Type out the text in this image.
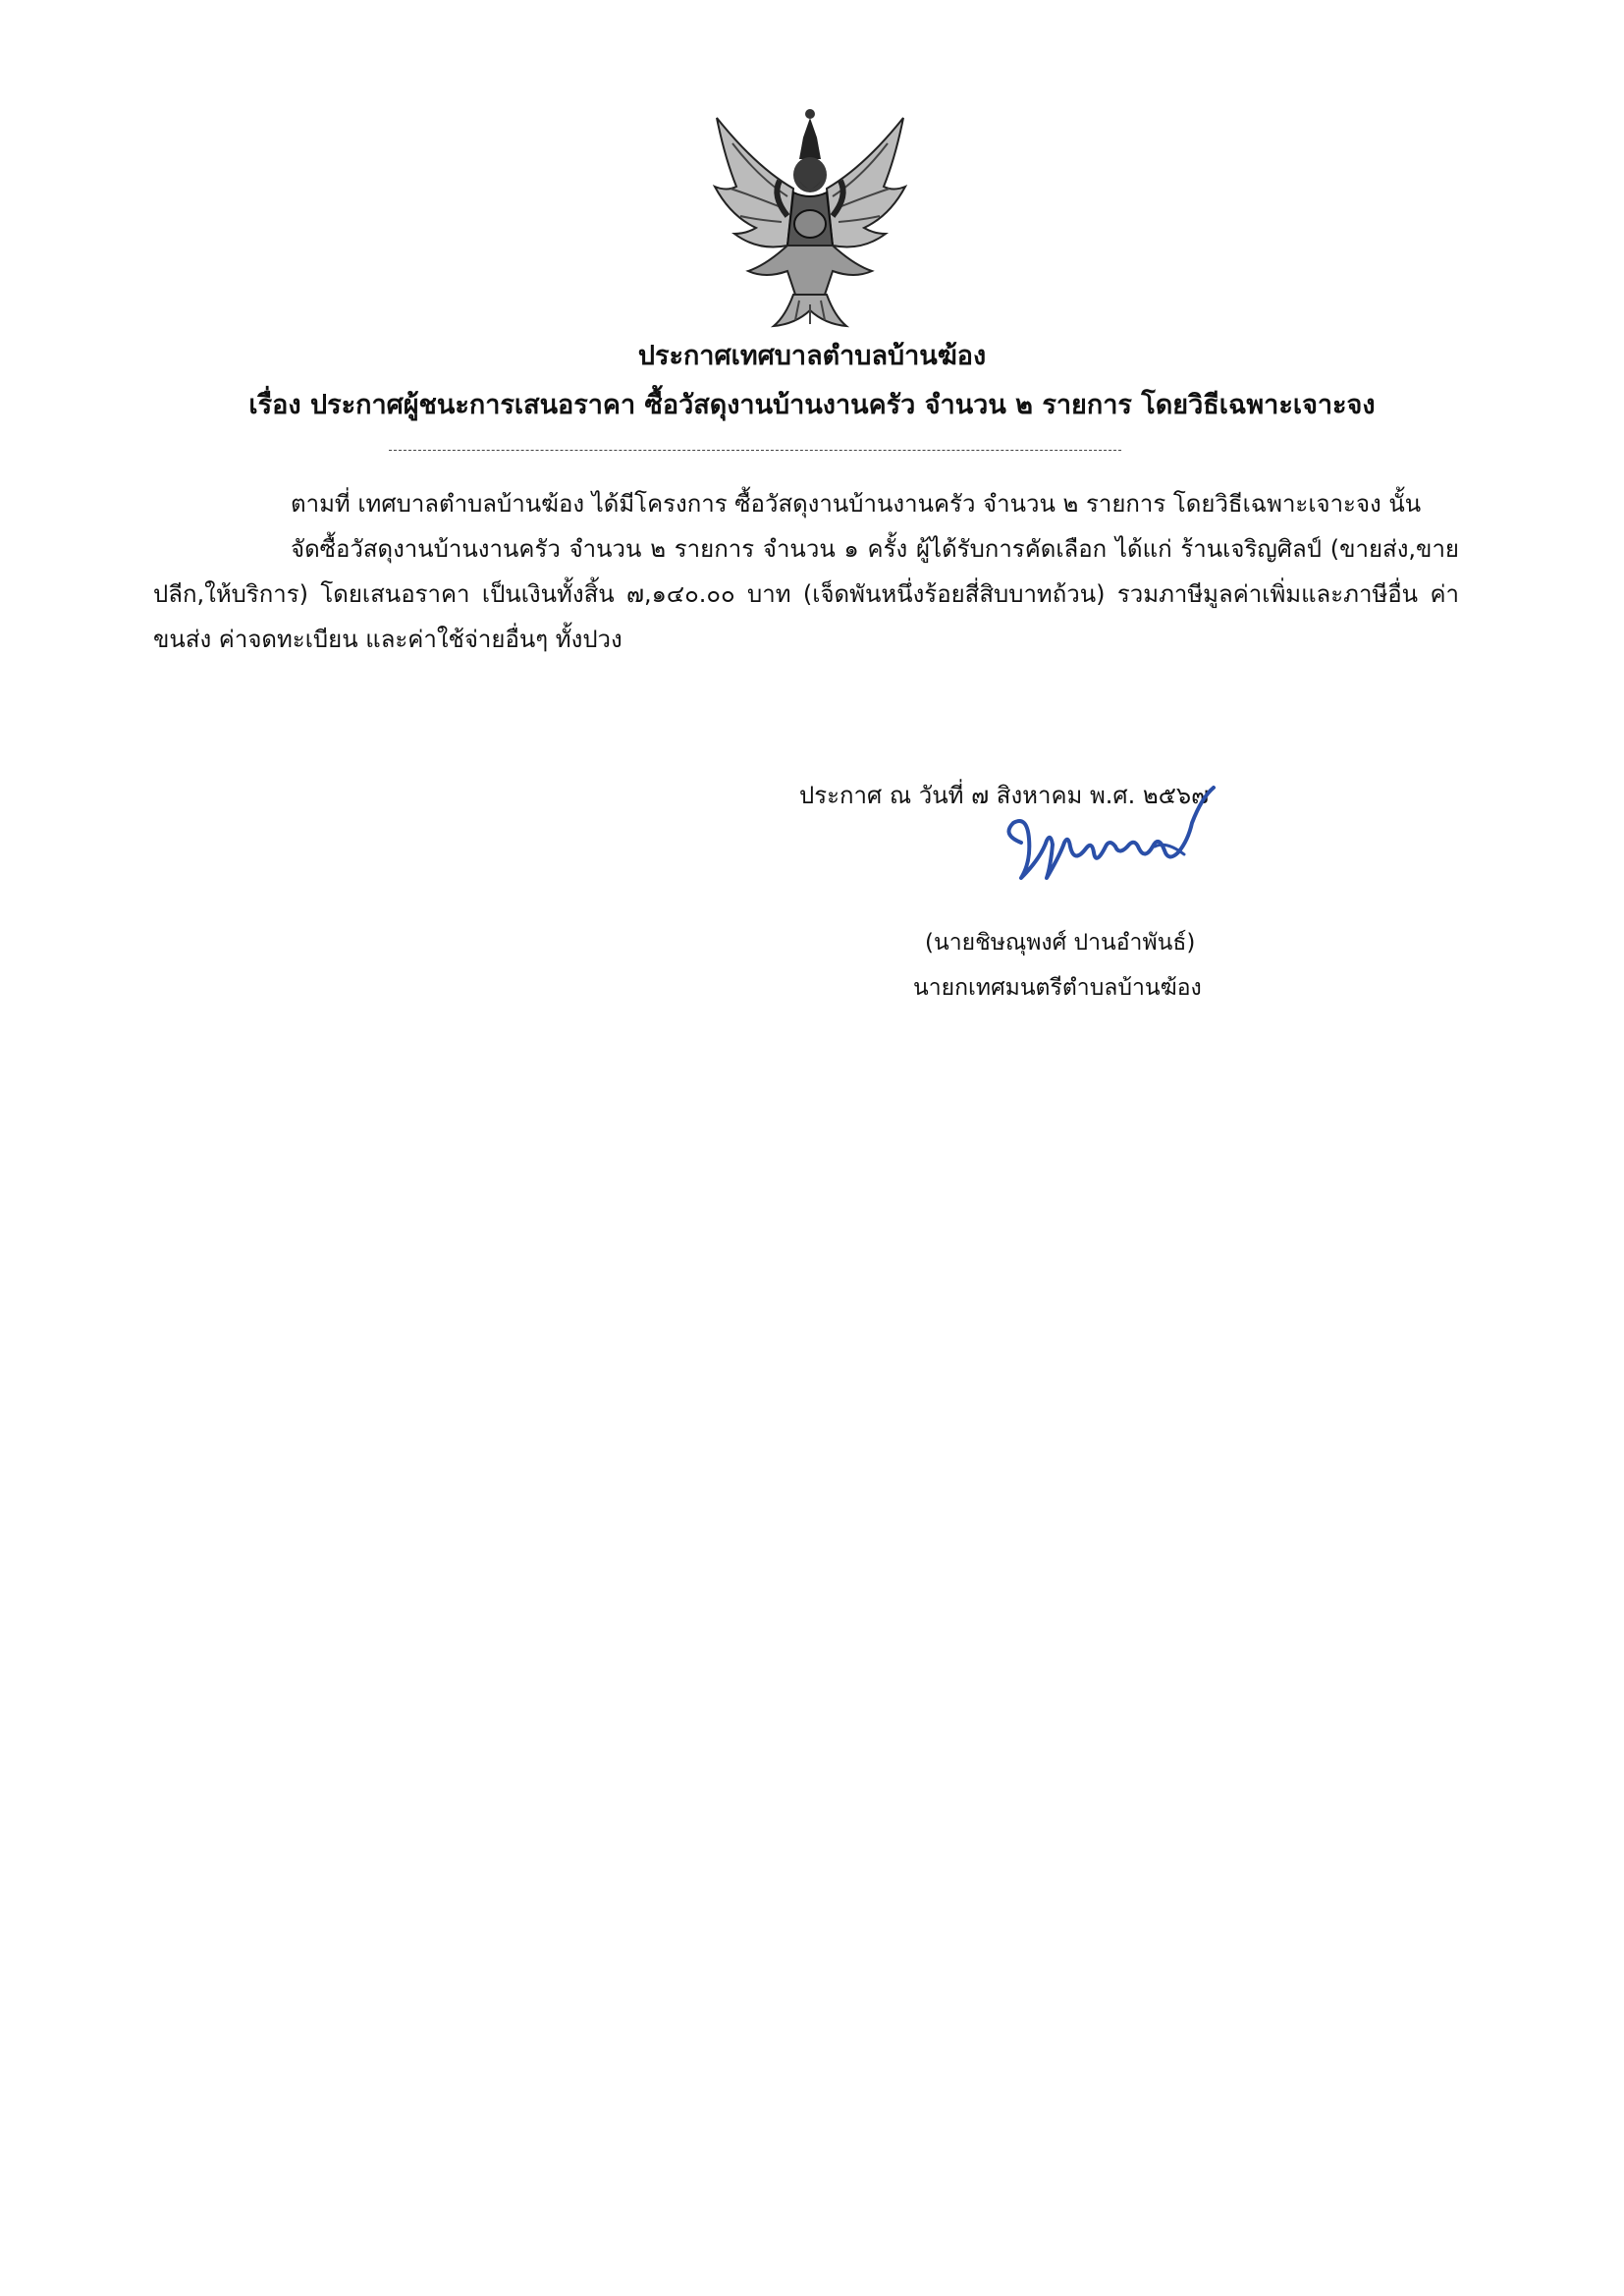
ประกาศเทศบาลตำบลบ้านฆ้อง
เรื่อง ประกาศผู้ชนะการเสนอราคา ซื้อวัสดุงานบ้านงานครัว จำนวน ๒ รายการ โดยวิธีเฉพาะเจาะจง

ตามที่ เทศบาลตำบลบ้านฆ้อง ได้มีโครงการ ซื้อวัสดุงานบ้านงานครัว จำนวน ๒ รายการ โดยวิธีเฉพาะเจาะจง นั้น

จัดซื้อวัสดุงานบ้านงานครัว จำนวน ๒ รายการ จำนวน ๑ ครั้ง ผู้ได้รับการคัดเลือก ได้แก่ ร้านเจริญศิลป์ (ขายส่ง,ขายปลีก,ให้บริการ) โดยเสนอราคา เป็นเงินทั้งสิ้น ๗,๑๔๐.๐๐ บาท (เจ็ดพันหนึ่งร้อยสี่สิบบาทถ้วน) รวมภาษีมูลค่าเพิ่มและภาษีอื่น ค่าขนส่ง ค่าจดทะเบียน และค่าใช้จ่ายอื่นๆ ทั้งปวง

ประกาศ ณ วันที่ ๗ สิงหาคม พ.ศ. ๒๕๖๗
(นายชิษณุพงศ์ ปานอำพันธ์)
นายกเทศมนตรีตำบลบ้านฆ้อง
